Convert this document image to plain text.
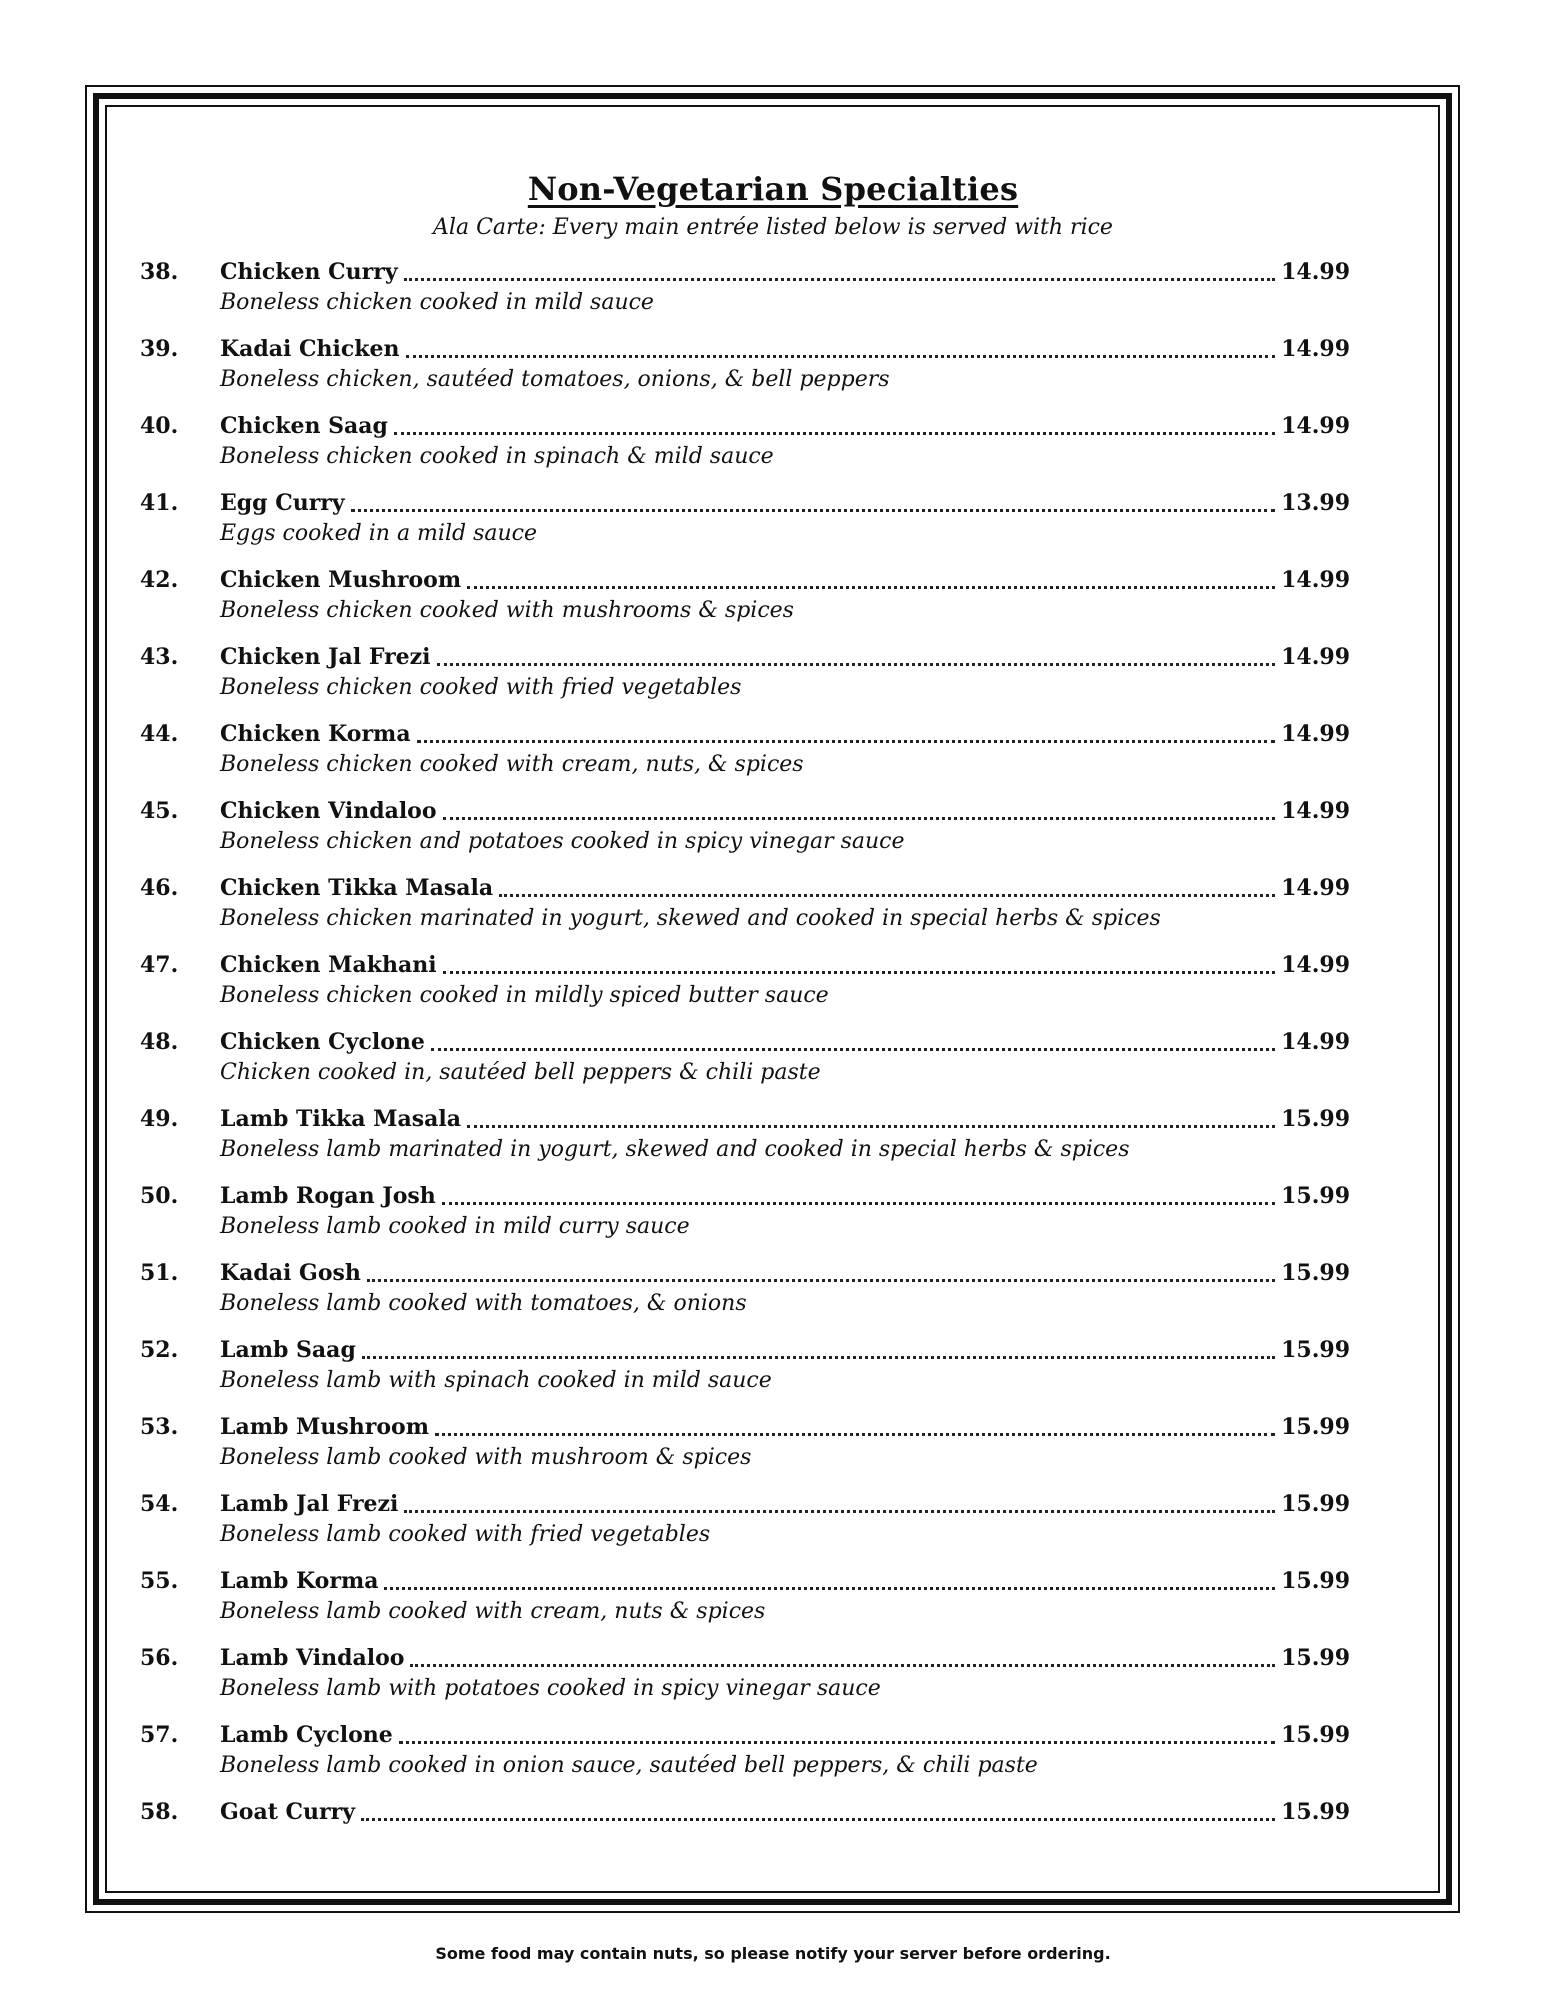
Non-Vegetarian Specialties
Ala Carte: Every main entrée listed below is served with rice
38.	Chicken Curry	14.99
Boneless chicken cooked in mild sauce
39.	Kadai Chicken	14.99
Boneless chicken, sautéed tomatoes, onions, & bell peppers
40.	Chicken Saag	14.99
Boneless chicken cooked in spinach & mild sauce
41.	Egg Curry	13.99
Eggs cooked in a mild sauce
42.	Chicken Mushroom	14.99
Boneless chicken cooked with mushrooms & spices
43.	Chicken Jal Frezi	14.99
Boneless chicken cooked with fried vegetables
44.	Chicken Korma	14.99
Boneless chicken cooked with cream, nuts, & spices
45.	Chicken Vindaloo	14.99
Boneless chicken and potatoes cooked in spicy vinegar sauce
46.	Chicken Tikka Masala	14.99
Boneless chicken marinated in yogurt, skewed and cooked in special herbs & spices
47.	Chicken Makhani	14.99
Boneless chicken cooked in mildly spiced butter sauce
48.	Chicken Cyclone	14.99
Chicken cooked in, sautéed bell peppers & chili paste
49.	Lamb Tikka Masala	15.99
Boneless lamb marinated in yogurt, skewed and cooked in special herbs & spices
50.	Lamb Rogan Josh	15.99
Boneless lamb cooked in mild curry sauce
51.	Kadai Gosh	15.99
Boneless lamb cooked with tomatoes, & onions
52.	Lamb Saag	15.99
Boneless lamb with spinach cooked in mild sauce
53.	Lamb Mushroom	15.99
Boneless lamb cooked with mushroom & spices
54.	Lamb Jal Frezi	15.99
Boneless lamb cooked with fried vegetables
55.	Lamb Korma	15.99
Boneless lamb cooked with cream, nuts & spices
56.	Lamb Vindaloo	15.99
Boneless lamb with potatoes cooked in spicy vinegar sauce
57.	Lamb Cyclone	15.99
Boneless lamb cooked in onion sauce, sautéed bell peppers, & chili paste
58.	Goat Curry	15.99
Some food may contain nuts, so please notify your server before ordering.
